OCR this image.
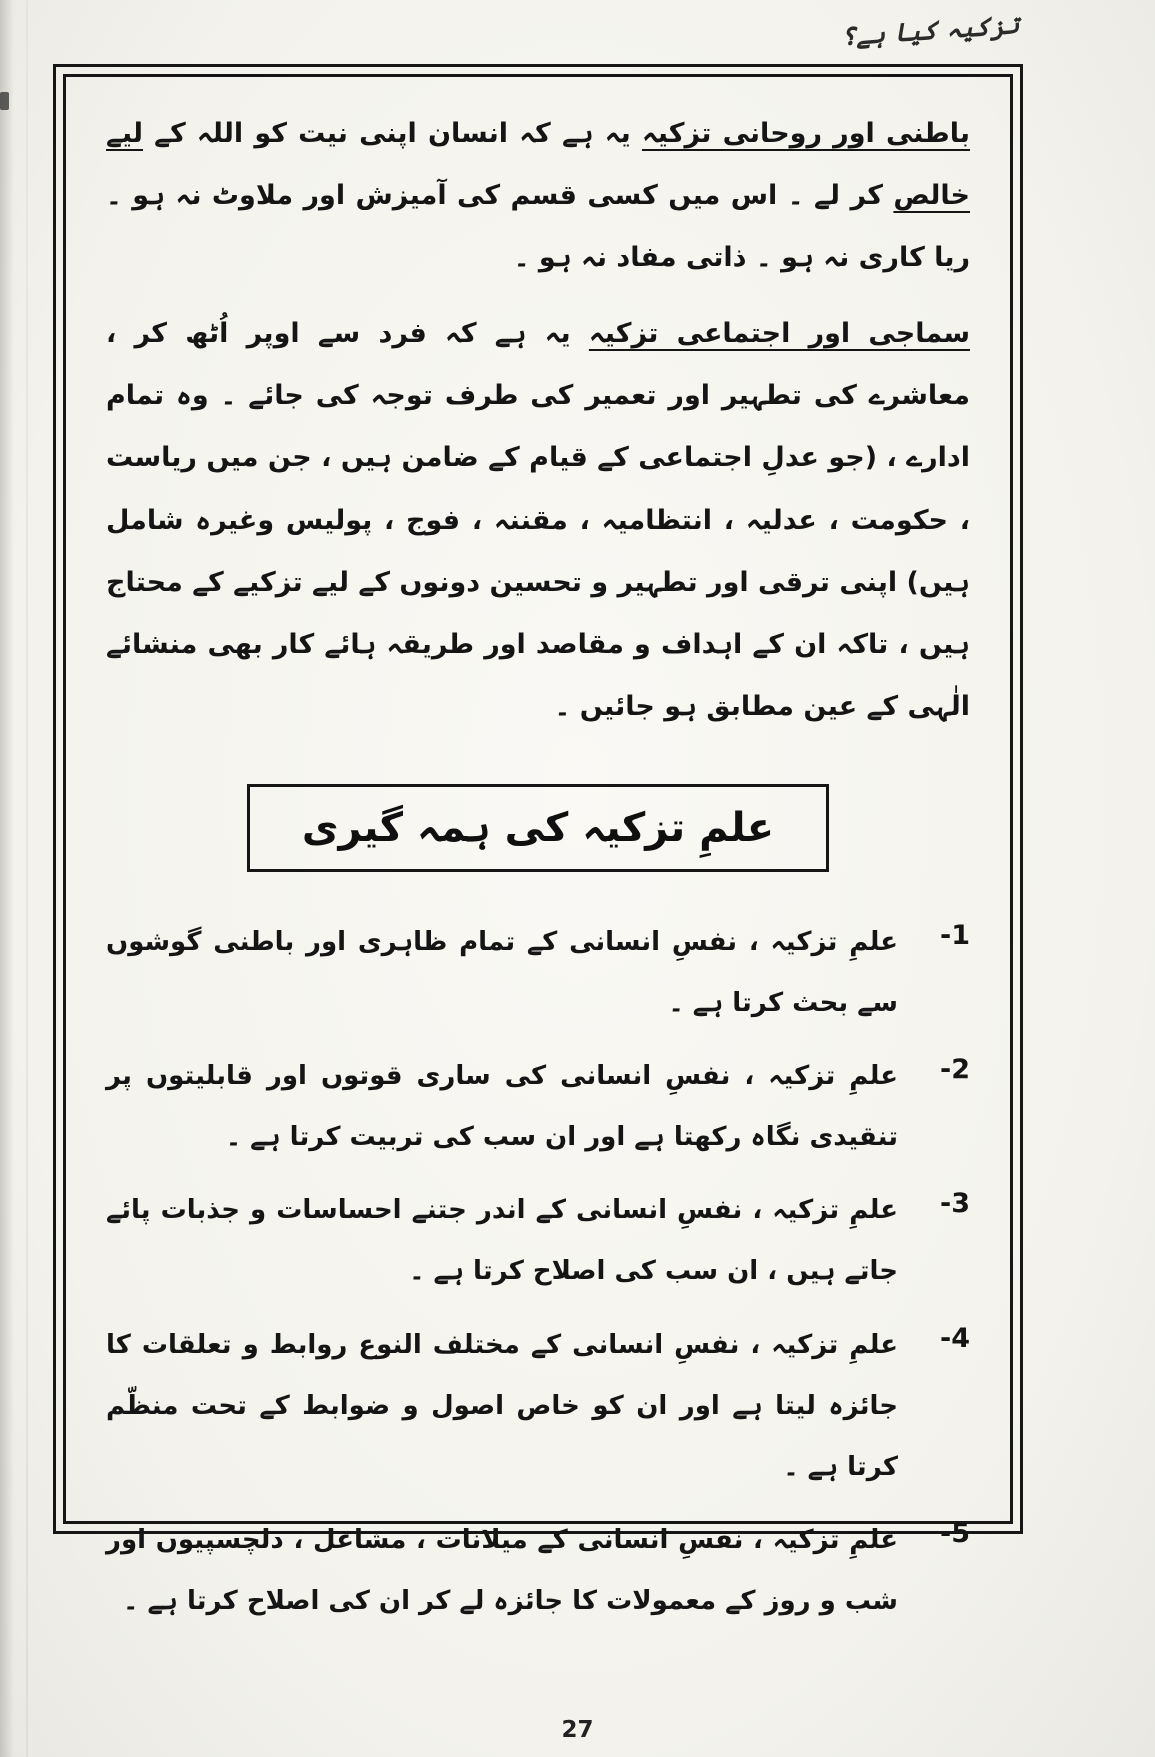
تزکیہ کیا ہے؟

باطنی اور روحانی تزکیہ یہ ہے کہ انسان اپنی نیت کو اللہ کے لیے خالص کر لے ۔ اس میں کسی قسم کی آمیزش اور ملاوٹ نہ ہو ۔ ریا کاری نہ ہو ۔ ذاتی مفاد نہ ہو ۔

سماجی اور اجتماعی تزکیہ یہ ہے کہ فرد سے اوپر اُٹھ کر ، معاشرے کی تطہیر اور تعمیر کی طرف توجہ کی جائے ۔ وہ تمام ادارے ، (جو عدلِ اجتماعی کے قیام کے ضامن ہیں ، جن میں ریاست ، حکومت ، عدلیہ ، انتظامیہ ، مقننہ ، فوج ، پولیس وغیرہ شامل ہیں) اپنی ترقی اور تطہیر و تحسین دونوں کے لیے تزکیے کے محتاج ہیں ، تاکہ ان کے اہداف و مقاصد اور طریقہ ہائے کار بھی منشائے الٰہی کے عین مطابق ہو جائیں ۔

علمِ تزکیہ کی ہمہ گیری
-1
علمِ تزکیہ ، نفسِ انسانی کے تمام ظاہری اور باطنی گوشوں سے بحث کرتا ہے ۔
-2
علمِ تزکیہ ، نفسِ انسانی کی ساری قوتوں اور قابلیتوں پر تنقیدی نگاہ رکھتا ہے اور ان سب کی تربیت کرتا ہے ۔
-3
علمِ تزکیہ ، نفسِ انسانی کے اندر جتنے احساسات و جذبات پائے جاتے ہیں ، ان سب کی اصلاح کرتا ہے ۔
-4
علمِ تزکیہ ، نفسِ انسانی کے مختلف النوع روابط و تعلقات کا جائزہ لیتا ہے اور ان کو خاص اصول و ضوابط کے تحت منظّم کرتا ہے ۔
-5
علمِ تزکیہ ، نفسِ انسانی کے میلانات ، مشاغل ، دلچسپیوں اور شب و روز کے معمولات کا جائزہ لے کر ان کی اصلاح کرتا ہے ۔
27
